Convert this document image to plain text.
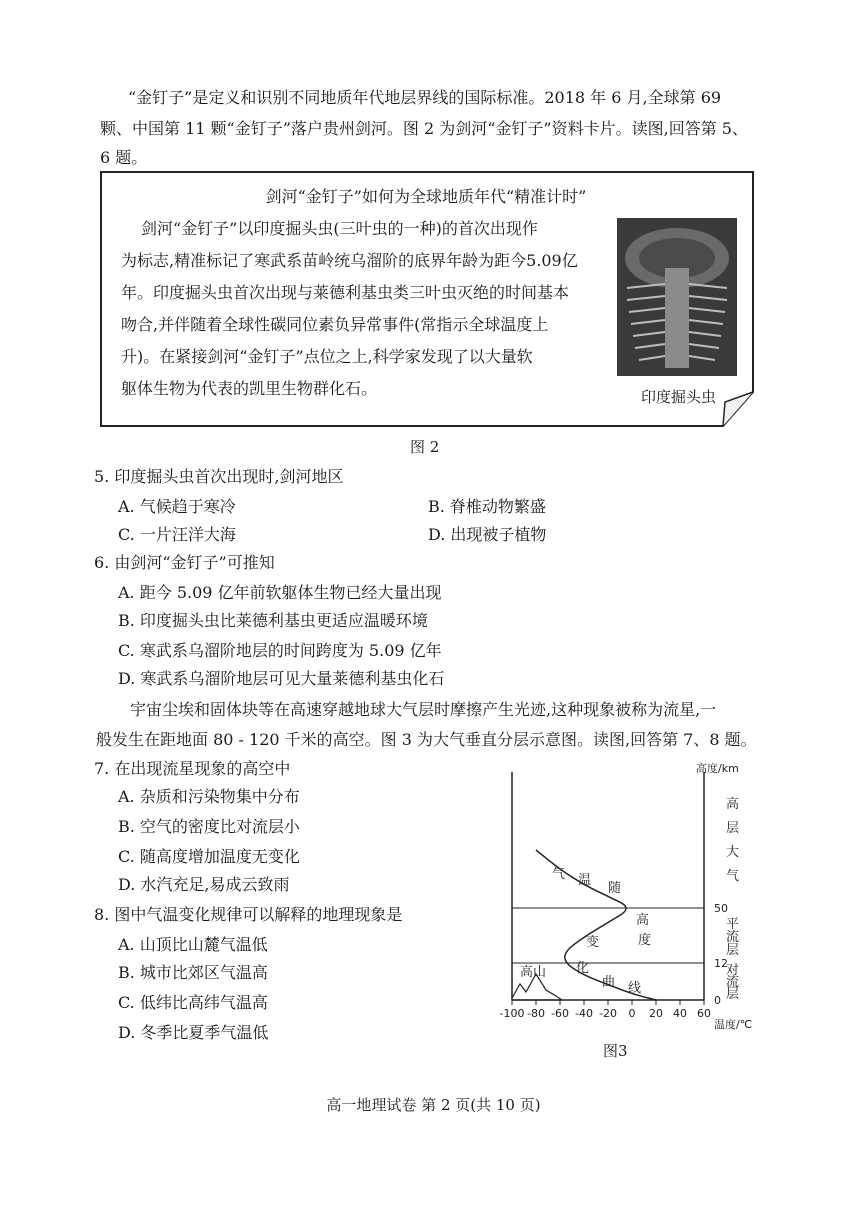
“金钉子”是定义和识别不同地质年代地层界线的国际标准。2018 年 6 月,全球第 69
颗、中国第 11 颗“金钉子”落户贵州剑河。图 2 为剑河“金钉子”资料卡片。读图,回答第 5、
6 题。
剑河“金钉子”如何为全球地质年代“精准计时”
剑河“金钉子”以印度掘头虫(三叶虫的一种)的首次出现作
为标志,精准标记了寒武系苗岭统乌溜阶的底界年龄为距今5.09亿
年。印度掘头虫首次出现与莱德利基虫类三叶虫灭绝的时间基本
吻合,并伴随着全球性碳同位素负异常事件(常指示全球温度上
升)。在紧接剑河“金钉子”点位之上,科学家发现了以大量软
躯体生物为代表的凯里生物群化石。	印度掘头虫
图 2
5. 印度掘头虫首次出现时,剑河地区
A. 气候趋于寒冷	B. 脊椎动物繁盛
C. 一片汪洋大海	D. 出现被子植物
6. 由剑河“金钉子”可推知
A. 距今 5.09 亿年前软躯体生物已经大量出现
B. 印度掘头虫比莱德利基虫更适应温暖环境
C. 寒武系乌溜阶地层的时间跨度为 5.09 亿年
D. 寒武系乌溜阶地层可见大量莱德利基虫化石
宇宙尘埃和固体块等在高速穿越地球大气层时摩擦产生光迹,这种现象被称为流星,一
般发生在距地面 80 - 120 千米的高空。图 3 为大气垂直分层示意图。读图,回答第 7、8 题。
7. 在出现流星现象的高空中
A. 杂质和污染物集中分布
B. 空气的密度比对流层小
C. 随高度增加温度无变化
D. 水汽充足,易成云致雨
8. 图中气温变化规律可以解释的地理现象是
A. 山顶比山麓气温低
B. 城市比郊区气温高
C. 低纬比高纬气温高
D. 冬季比夏季气温低
高山
气 温
随
高
度
变
化
曲 线
高度/km
50
12
0
高
层
大
气
平
流
层
对
流
层
-100 -80 -60 -40 -20 0 20 40 60
温度/℃
图3
高一地理试卷 第 2 页(共 10 页)
